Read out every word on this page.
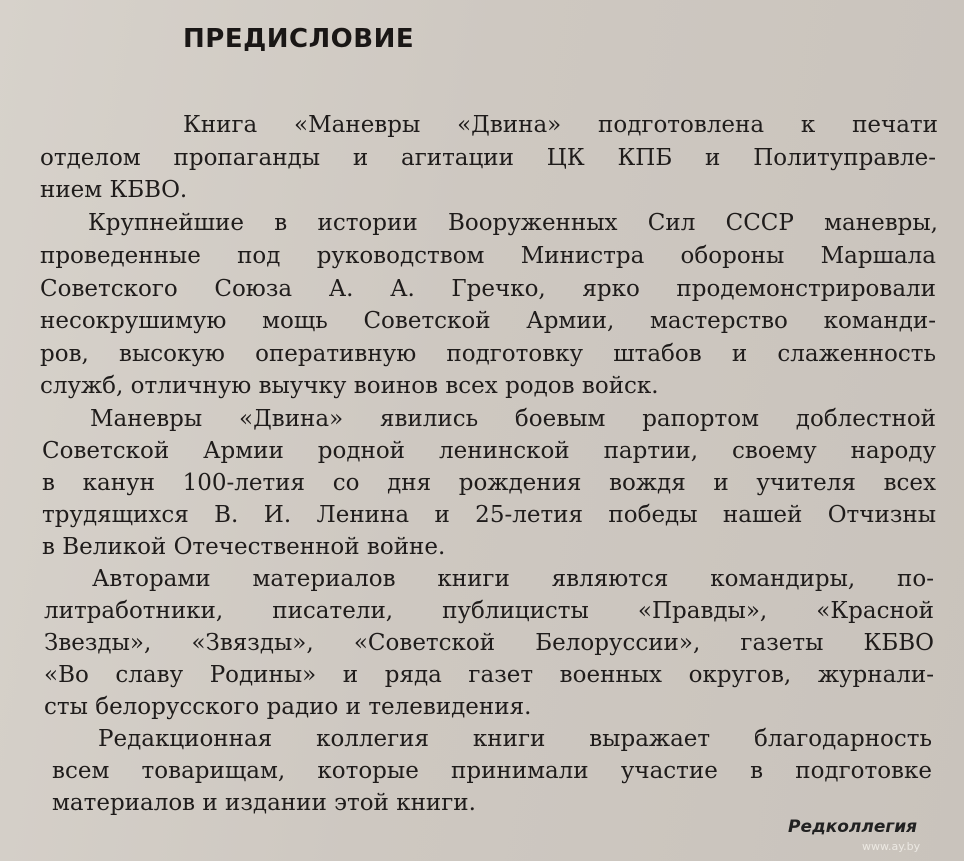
ПРЕДИСЛОВИЕ
Книга «Маневры «Двина» подготовлена к печати
отделом пропаганды и агитации ЦК КПБ и Политуправле-
нием КБВО.
Крупнейшие в истории Вооруженных Сил СССР маневры,
проведенные под руководством Министра обороны Маршала
Советского Союза А. А. Гречко, ярко продемонстрировали
несокрушимую мощь Советской Армии, мастерство команди-
ров, высокую оперативную подготовку штабов и слаженность
служб, отличную выучку воинов всех родов войск.
Маневры «Двина» явились боевым рапортом доблестной
Советской Армии родной ленинской партии, своему народу
в канун 100-летия со дня рождения вождя и учителя всех
трудящихся В. И. Ленина и 25-летия победы нашей Отчизны
в Великой Отечественной войне.
Авторами материалов книги являются командиры, по-
литработники, писатели, публицисты «Правды», «Красной
Звезды», «Звязды», «Советской Белоруссии», газеты КБВО
«Во славу Родины» и ряда газет военных округов, журнали-
сты белорусского радио и телевидения.
Редакционная коллегия книги выражает благодарность
всем товарищам, которые принимали участие в подготовке
материалов и издании этой книги.
Редколлегия
www.ay.by
